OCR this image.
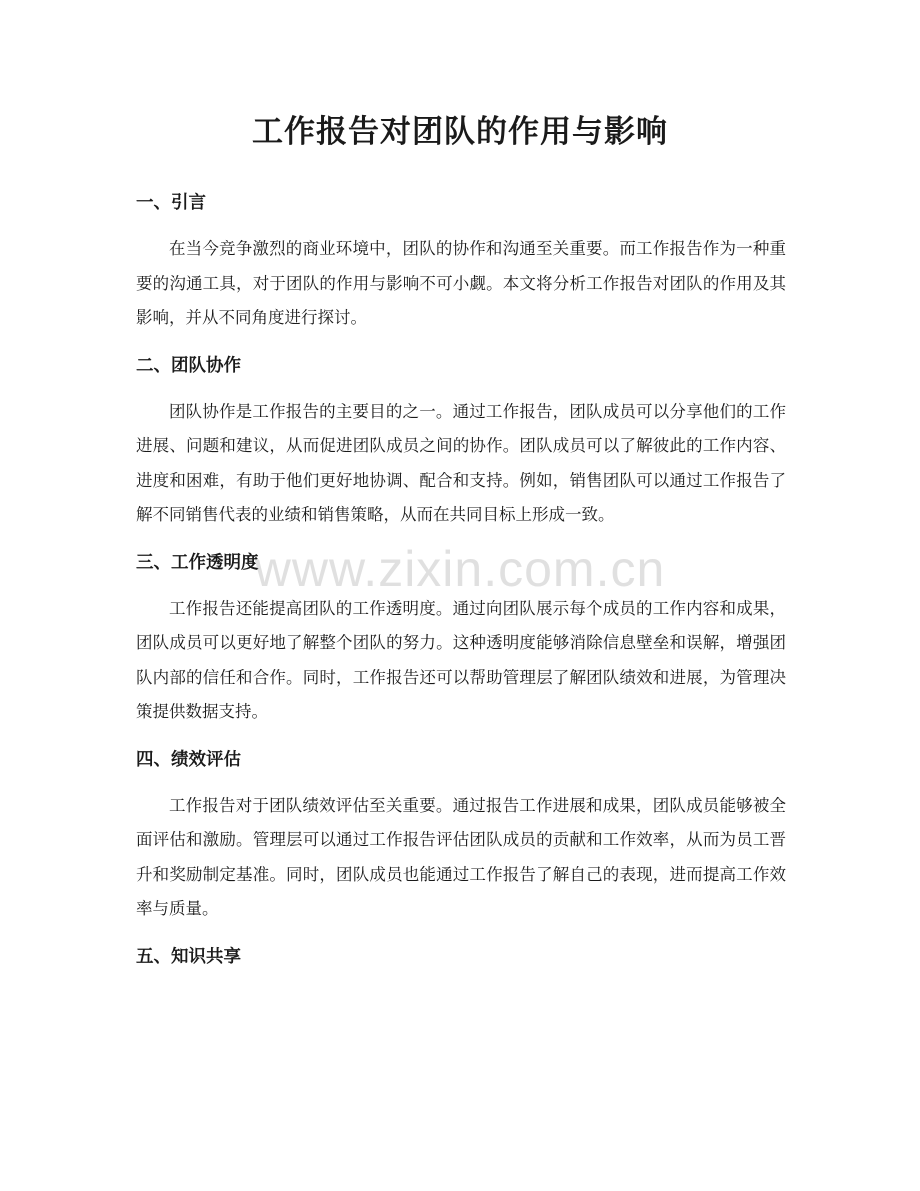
工作报告对团队的作用与影响
一、引言

在当今竞争激烈的商业环境中，团队的协作和沟通至关重要。而工作报告作为一种重要的沟通工具，对于团队的作用与影响不可小觑。本文将分析工作报告对团队的作用及其影响，并从不同角度进行探讨。

二、团队协作

团队协作是工作报告的主要目的之一。通过工作报告，团队成员可以分享他们的工作进展、问题和建议，从而促进团队成员之间的协作。团队成员可以了解彼此的工作内容、进度和困难，有助于他们更好地协调、配合和支持。例如，销售团队可以通过工作报告了解不同销售代表的业绩和销售策略，从而在共同目标上形成一致。

三、工作透明度

工作报告还能提高团队的工作透明度。通过向团队展示每个成员的工作内容和成果，团队成员可以更好地了解整个团队的努力。这种透明度能够消除信息壁垒和误解，增强团队内部的信任和合作。同时，工作报告还可以帮助管理层了解团队绩效和进展，为管理决策提供数据支持。

四、绩效评估

工作报告对于团队绩效评估至关重要。通过报告工作进展和成果，团队成员能够被全面评估和激励。管理层可以通过工作报告评估团队成员的贡献和工作效率，从而为员工晋升和奖励制定基准。同时，团队成员也能通过工作报告了解自己的表现，进而提高工作效率与质量。

五、知识共享
www.zixin.com.cn
